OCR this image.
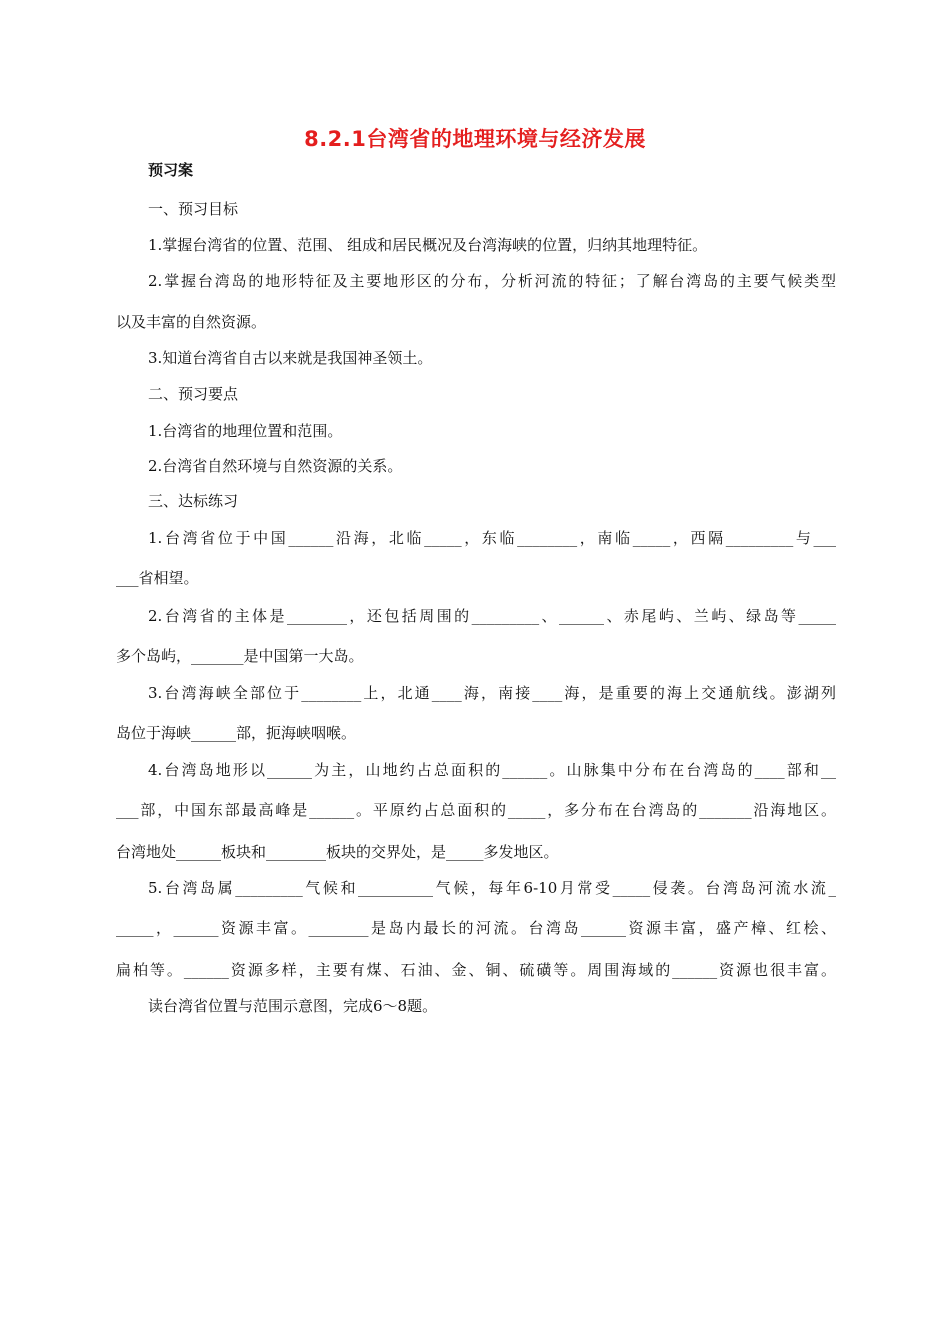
8.2.1台湾省的地理环境与经济发展
预习案
一、预习目标
1.掌握台湾省的位置、范围、 组成和居民概况及台湾海峡的位置，归纳其地理特征。
2.掌握台湾岛的地形特征及主要地形区的分布，分析河流的特征；了解台湾岛的主要气候类型
以及丰富的自然资源。
3.知道台湾省自古以来就是我国神圣领土。
二、预习要点
1.台湾省的地理位置和范围。
2.台湾省自然环境与自然资源的关系。
三、达标练习
1.台湾省位于中国______沿海，北临_____，东临________，南临_____，西隔_________与___
___省相望。
2.台湾省的主体是________，还包括周围的_________、______、赤尾屿、兰屿、绿岛等_____
多个岛屿，_______是中国第一大岛。
3.台湾海峡全部位于________上，北通____海，南接____海，是重要的海上交通航线。澎湖列
岛位于海峡______部，扼海峡咽喉。
4.台湾岛地形以______为主，山地约占总面积的______。山脉集中分布在台湾岛的____部和__
___部，中国东部最高峰是______。平原约占总面积的_____，多分布在台湾岛的_______沿海地区。
台湾地处______板块和________板块的交界处，是_____多发地区。
5.台湾岛属_________气候和__________气候，每年6-10月常受_____侵袭。台湾岛河流水流_
_____，______资源丰富。________是岛内最长的河流。台湾岛______资源丰富，盛产樟、红桧、
扁柏等。______资源多样，主要有煤、石油、金、铜、硫磺等。周围海域的______资源也很丰富。
读台湾省位置与范围示意图，完成6～8题。
